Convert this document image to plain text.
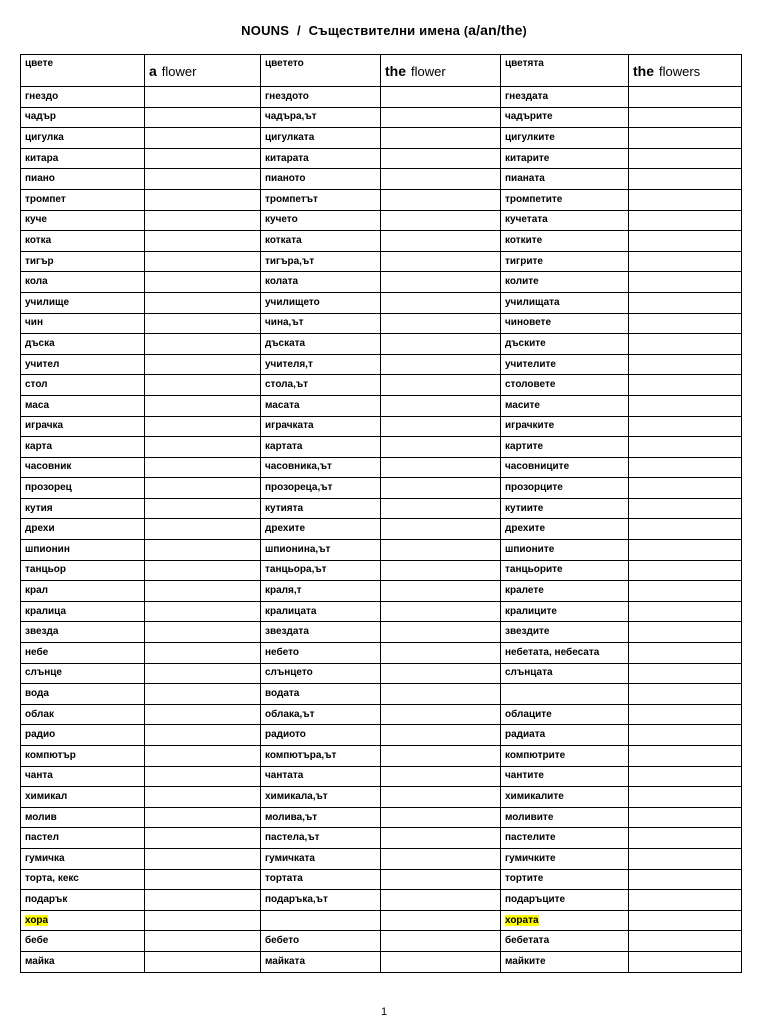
NOUNS / Съществителни имена (a/an/the)
цвете	a flower	цветето	the flower	цветята	the flowers
гнездо		гнездото		гнездата	
чадър		чадъра,ът		чадърите	
цигулка		цигулката		цигулките	
китара		китарата		китарите	
пиано		пианото		пианата	
тромпет		тромпетът		тромпетите	
куче		кучето		кучетата	
котка		котката		котките	
тигър		тигъра,ът		тигрите	
кола		колата		колите	
училище		училището		училищата	
чин		чина,ът		чиновете	
дъска		дъската		дъските	
учител		учителя,т		учителите	
стол		стола,ът		столовете	
маса		масата		масите	
играчка		играчката		играчките	
карта		картата		картите	
часовник		часовника,ът		часовниците	
прозорец		прозореца,ът		прозорците	
кутия		кутията		кутиите	
дрехи		дрехите		дрехите	
шпионин		шпионина,ът		шпионите	
танцьор		танцьора,ът		танцьорите	
крал		краля,т		кралете	
кралица		кралицата		кралиците	
звезда		звездата		звездите	
небе		небето		небетата, небесата	
слънце		слънцето		слънцата	
вода		водата			
облак		облака,ът		облаците	
радио		радиото		радиата	
компютър		компютъра,ът		компютрите	
чанта		чантата		чантите	
химикал		химикала,ът		химикалите	
молив		молива,ът		моливите	
пастел		пастела,ът		пастелите	
гумичка		гумичката		гумичките	
торта, кекс		тортата		тортите	
подарък		подаръка,ът		подаръците	
хора				хората	
бебе		бебето		бебетата	
майка		майката		майките	
1
